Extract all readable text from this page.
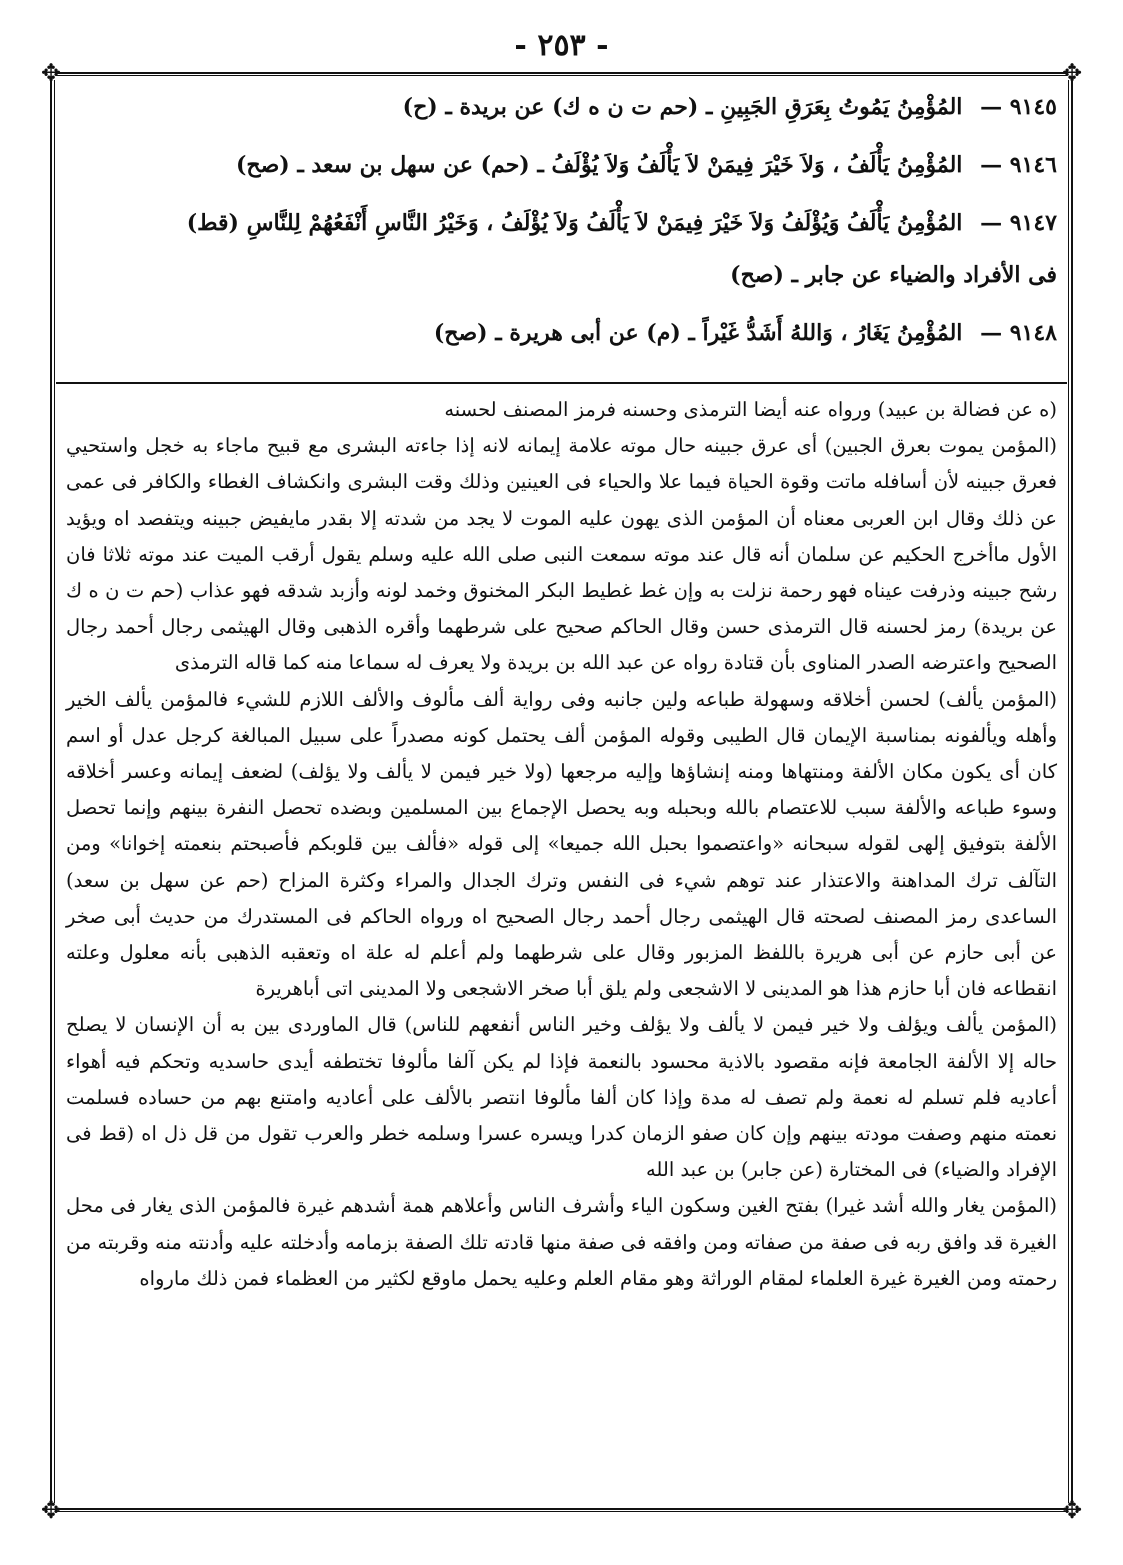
- ٢٥٣ -
✥	✥
✥	✥
٩١٤٥ — المُؤْمِنُ يَمُوتُ بِعَرَقِ الجَبِينِ ـ (حم ت ن ه ك) عن بريدة ـ (ح)
٩١٤٦ — المُؤْمِنُ يَأْلَفُ ، وَلاَ خَيْرَ فِيمَنْ لاَ يَأْلَفُ وَلاَ يُؤْلَفُ ـ (حم) عن سهل بن سعد ـ (صح)
٩١٤٧ — المُؤْمِنُ يَأْلَفُ وَيُؤْلَفُ وَلاَ خَيْرَ فِيمَنْ لاَ يَأْلَفُ وَلاَ يُؤْلَفُ ، وَخَيْرُ النَّاسِ أَنْفَعُهُمْ لِلنَّاسِ (قط)
فى الأفراد والضياء عن جابر ـ (صح)
٩١٤٨ — المُؤْمِنُ يَغَارُ ، وَاللهُ أَشَدُّ غَيْراً ـ (م) عن أبى هريرة ـ (صح)

(ه عن فضالة بن عبيد) ورواه عنه أيضا الترمذى وحسنه فرمز المصنف لحسنه

(المؤمن يموت بعرق الجبين) أى عرق جبينه حال موته علامة إيمانه لانه إذا جاءته البشرى مع قبيح ماجاء به خجل واستحيي فعرق جبينه لأن أسافله ماتت وقوة الحياة فيما علا والحياء فى العينين وذلك وقت البشرى وانكشاف الغطاء والكافر فى عمى عن ذلك وقال ابن العربى معناه أن المؤمن الذى يهون عليه الموت لا يجد من شدته إلا بقدر مايفيض جبينه ويتفصد اه ويؤيد الأول ماأخرج الحكيم عن سلمان أنه قال عند موته سمعت النبى صلى الله عليه وسلم يقول أرقب الميت عند موته ثلاثا فان رشح جبينه وذرفت عيناه فهو رحمة نزلت به وإن غط غطيط البكر المخنوق وخمد لونه وأزبد شدقه فهو عذاب (حم ت ن ه ك عن بريدة) رمز لحسنه قال الترمذى حسن وقال الحاكم صحيح على شرطهما وأقره الذهبى وقال الهيثمى رجال أحمد رجال الصحيح واعترضه الصدر المناوى بأن قتادة رواه عن عبد الله بن بريدة ولا يعرف له سماعا منه كما قاله الترمذى

(المؤمن يألف) لحسن أخلاقه وسهولة طباعه ولين جانبه وفى رواية ألف مألوف والألف اللازم للشيء فالمؤمن يألف الخير وأهله ويألفونه بمناسبة الإيمان قال الطيبى وقوله المؤمن ألف يحتمل كونه مصدراً على سبيل المبالغة كرجل عدل أو اسم كان أى يكون مكان الألفة ومنتهاها ومنه إنشاؤها وإليه مرجعها (ولا خير فيمن لا يألف ولا يؤلف) لضعف إيمانه وعسر أخلاقه وسوء طباعه والألفة سبب للاعتصام بالله وبحبله وبه يحصل الإجماع بين المسلمين وبضده تحصل النفرة بينهم وإنما تحصل الألفة بتوفيق إلهى لقوله سبحانه «واعتصموا بحبل الله جميعا» إلى قوله «فألف بين قلوبكم فأصبحتم بنعمته إخوانا» ومن التآلف ترك المداهنة والاعتذار عند توهم شيء فى النفس وترك الجدال والمراء وكثرة المزاح (حم عن سهل بن سعد) الساعدى رمز المصنف لصحته قال الهيثمى رجال أحمد رجال الصحيح اه ورواه الحاكم فى المستدرك من حديث أبى صخر عن أبى حازم عن أبى هريرة باللفظ المزبور وقال على شرطهما ولم أعلم له علة اه وتعقبه الذهبى بأنه معلول وعلته انقطاعه فان أبا حازم هذا هو المدينى لا الاشجعى ولم يلق أبا صخر الاشجعى ولا المدينى اتى أباهريرة

(المؤمن يألف ويؤلف ولا خير فيمن لا يألف ولا يؤلف وخير الناس أنفعهم للناس) قال الماوردى بين به أن الإنسان لا يصلح حاله إلا الألفة الجامعة فإنه مقصود بالاذية محسود بالنعمة فإذا لم يكن آلفا مألوفا تختطفه أيدى حاسديه وتحكم فيه أهواء أعاديه فلم تسلم له نعمة ولم تصف له مدة وإذا كان ألفا مألوفا انتصر بالألف على أعاديه وامتنع بهم من حساده فسلمت نعمته منهم وصفت مودته بينهم وإن كان صفو الزمان كدرا ويسره عسرا وسلمه خطر والعرب تقول من قل ذل اه (قط فى الإفراد والضياء) فى المختارة (عن جابر) بن عبد الله

(المؤمن يغار والله أشد غيرا) بفتح الغين وسكون الياء وأشرف الناس وأعلاهم همة أشدهم غيرة فالمؤمن الذى يغار فى محل الغيرة قد وافق ربه فى صفة من صفاته ومن وافقه فى صفة منها قادته تلك الصفة بزمامه وأدخلته عليه وأدنته منه وقربته من رحمته ومن الغيرة غيرة العلماء لمقام الوراثة وهو مقام العلم وعليه يحمل ماوقع لكثير من العظماء فمن ذلك مارواه
